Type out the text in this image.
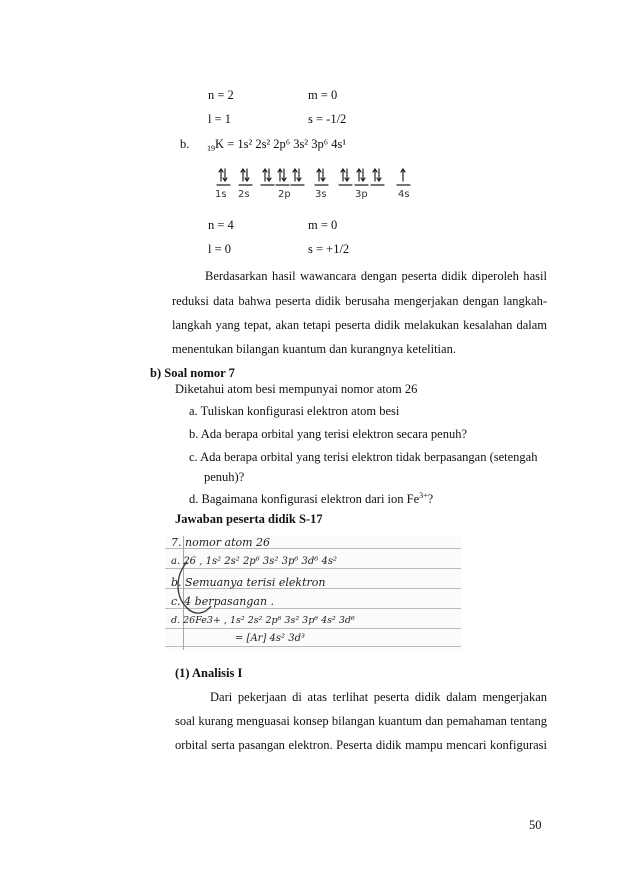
n = 2	m = 0
l = 1	s = -1/2
b. $_{19}$K = 1s² 2s² 2p⁶ 3s² 3p⁶ 4s¹
1s 2s	2p 3s	3p	4s
n = 4	m = 0
l = 0	s = +1/2
Berdasarkan hasil wawancara dengan peserta didik diperoleh hasil
reduksi data bahwa peserta didik berusaha mengerjakan dengan langkah-
langkah yang tepat, akan tetapi peserta didik melakukan kesalahan dalam
menentukan bilangan kuantum dan kurangnya ketelitian.
b) Soal nomor 7
Diketahui atom besi mempunyai nomor atom 26
a. Tuliskan konfigurasi elektron atom besi
b. Ada berapa orbital yang terisi elektron secara penuh?
c. Ada berapa orbital yang terisi elektron tidak berpasangan (setengah
penuh)?
d. Bagaimana konfigurasi elektron dari ion $Fe^{3+}$?
Jawaban peserta didik S-17
7. nomor atom 26
a. 26 , 1s² 2s² 2p⁶ 3s² 3p⁶ 3d⁶ 4s²
b. Semuanya terisi elektron
c. 4 berpasangan .
d. 26Fe3+ , 1s² 2s² 2p⁶ 3s² 3p⁶ 4s² 3d⁶
= [Ar] 4s² 3d³
(1) Analisis I
Dari pekerjaan di atas terlihat peserta didik dalam mengerjakan
soal kurang menguasai konsep bilangan kuantum dan pemahaman tentang
orbital serta pasangan elektron. Peserta didik mampu mencari konfigurasi
50
